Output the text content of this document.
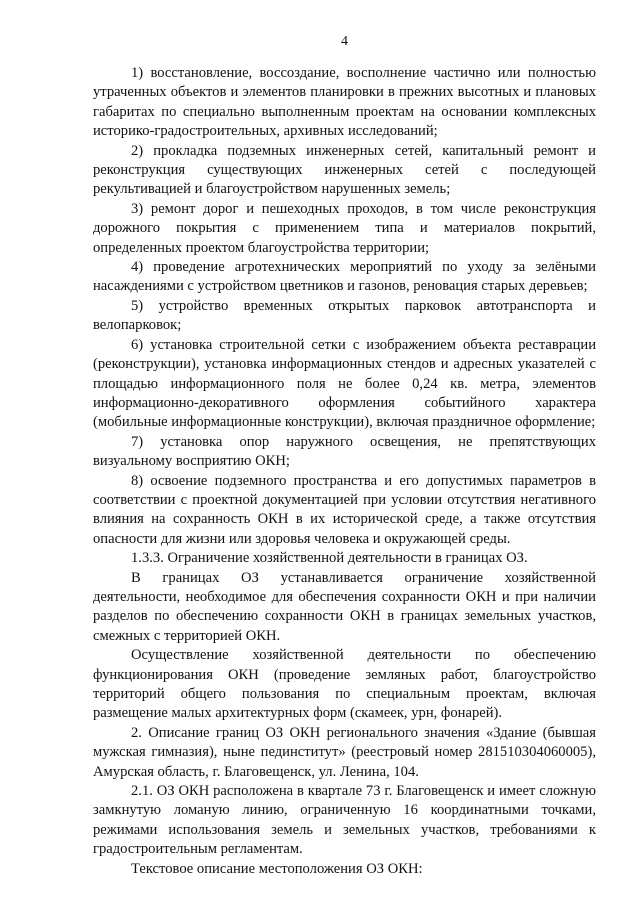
4

1) восстановление, воссоздание, восполнение частично или полностью утраченных объектов и элементов планировки в прежних высотных и плановых габаритах по специально выполненным проектам на основании комплексных историко-градостроительных, архивных исследований;

2) прокладка подземных инженерных сетей, капитальный ремонт и реконструкция существующих инженерных сетей с последующей рекультивацией и благоустройством нарушенных земель;

3) ремонт дорог и пешеходных проходов, в том числе реконструкция дорожного покрытия с применением типа и материалов покрытий, определенных проектом благоустройства территории;

4) проведение агротехнических мероприятий по уходу за зелёными насаждениями с устройством цветников и газонов, реновация старых деревьев;

5) устройство временных открытых парковок автотранспорта и велопарковок;

6) установка строительной сетки с изображением объекта реставрации (реконструкции), установка информационных стендов и адресных указателей с площадью информационного поля не более 0,24 кв. метра, элементов информационно-декоративного оформления событийного характера (мобильные информационные конструкции), включая праздничное оформление;

7) установка опор наружного освещения, не препятствующих визуальному восприятию ОКН;

8) освоение подземного пространства и его допустимых параметров в соответствии с проектной документацией при условии отсутствия негативного влияния на сохранность ОКН в их исторической среде, а также отсутствия опасности для жизни или здоровья человека и окружающей среды.

1.3.3. Ограничение хозяйственной деятельности в границах ОЗ.

В границах ОЗ устанавливается ограничение хозяйственной деятельности, необходимое для обеспечения сохранности ОКН и при наличии разделов по обеспечению сохранности ОКН в границах земельных участков, смежных с территорией ОКН.

Осуществление хозяйственной деятельности по обеспечению функционирования ОКН (проведение земляных работ, благоустройство территорий общего пользования по специальным проектам, включая размещение малых архитектурных форм (скамеек, урн, фонарей).

2. Описание границ ОЗ ОКН регионального значения «Здание (бывшая мужская гимназия), ныне пединститут» (реестровый номер 281510304060005), Амурская область, г. Благовещенск, ул. Ленина, 104.

2.1. ОЗ ОКН расположена в квартале 73 г. Благовещенск и имеет сложную замкнутую ломаную линию, ограниченную 16 координатными точками, режимами использования земель и земельных участков, требованиями к градостроительным регламентам.

Текстовое описание местоположения ОЗ ОКН:
